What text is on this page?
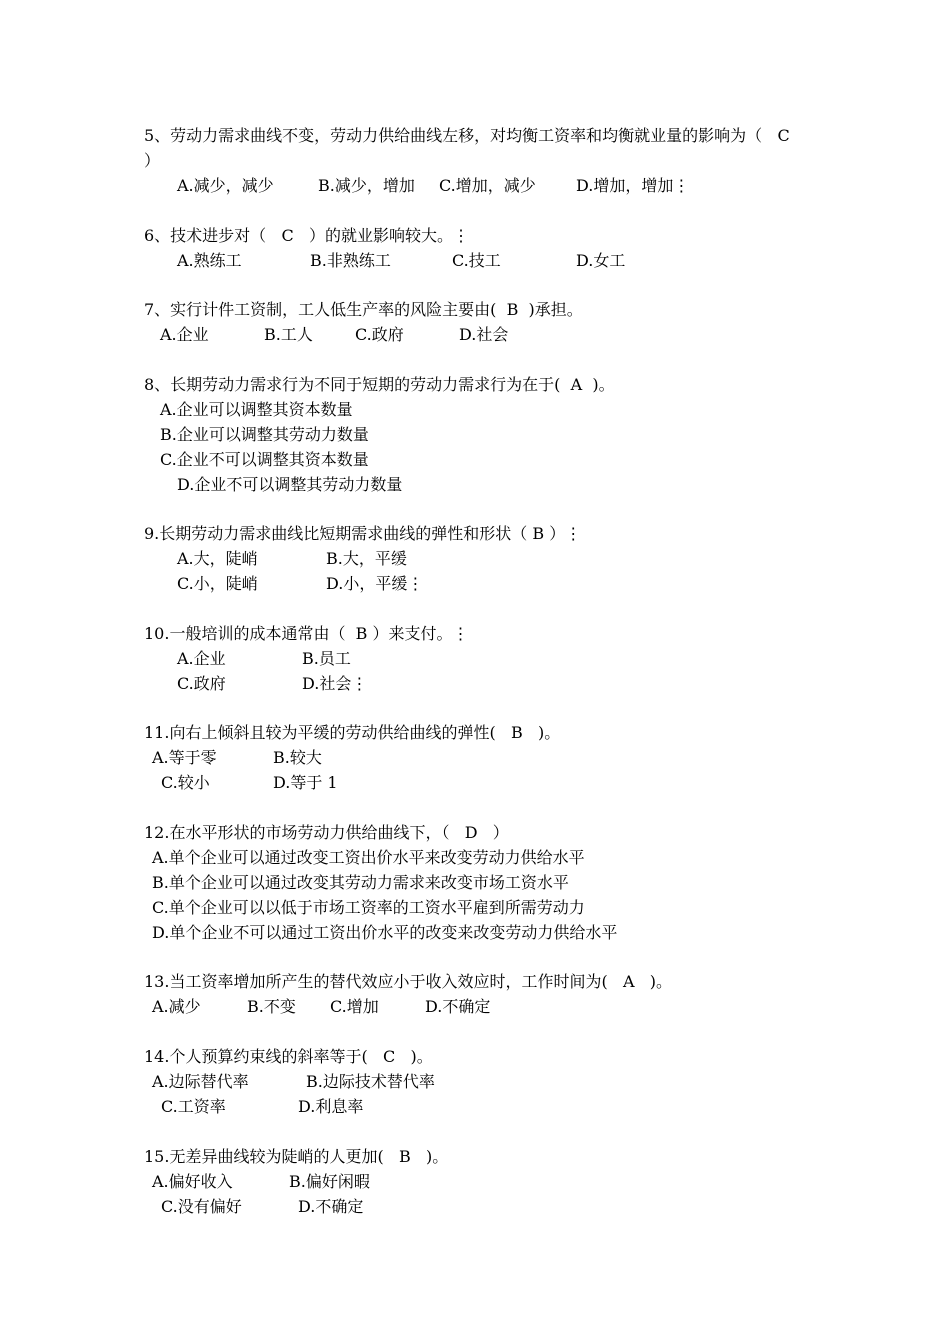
5、劳动力需求曲线不变，劳动力供给曲线左移，对均衡工资率和均衡就业量的影响为（   C
）
A.减少，减少	B.减少，增加 C.增加，减少	D.增加，增加⋮
6、技术进步对（   C   ）的就业影响较大。⋮
A.熟练工	B.非熟练工	C.技工	D.女工
7、实行计件工资制，工人低生产率的风险主要由(  B  )承担。
A.企业	B.工人	C.政府	D.社会
8、长期劳动力需求行为不同于短期的劳动力需求行为在于(  A  )。
A.企业可以调整其资本数量
B.企业可以调整其劳动力数量
C.企业不可以调整其资本数量
D.企业不可以调整其劳动力数量
9.长期劳动力需求曲线比短期需求曲线的弹性和形状（ B ）⋮
A.大，陡峭	B.大，平缓
C.小，陡峭	D.小，平缓⋮
10.一般培训的成本通常由（  B ）来支付。⋮
A.企业	B.员工
C.政府	D.社会⋮
11.向右上倾斜且较为平缓的劳动供给曲线的弹性(   B   )。
A.等于零	B.较大
C.较小	D.等于 1
12.在水平形状的市场劳动力供给曲线下，（   D   ）
A.单个企业可以通过改变工资出价水平来改变劳动力供给水平
B.单个企业可以通过改变其劳动力需求来改变市场工资水平
C.单个企业可以以低于市场工资率的工资水平雇到所需劳动力
D.单个企业不可以通过工资出价水平的改变来改变劳动力供给水平
13.当工资率增加所产生的替代效应小于收入效应时，工作时间为(   A   )。
A.减少	B.不变 C.增加	D.不确定
14.个人预算约束线的斜率等于(   C   )。
A.边际替代率	B.边际技术替代率
C.工资率	D.利息率
15.无差异曲线较为陡峭的人更加(   B   )。
A.偏好收入	B.偏好闲暇
C.没有偏好	D.不确定
